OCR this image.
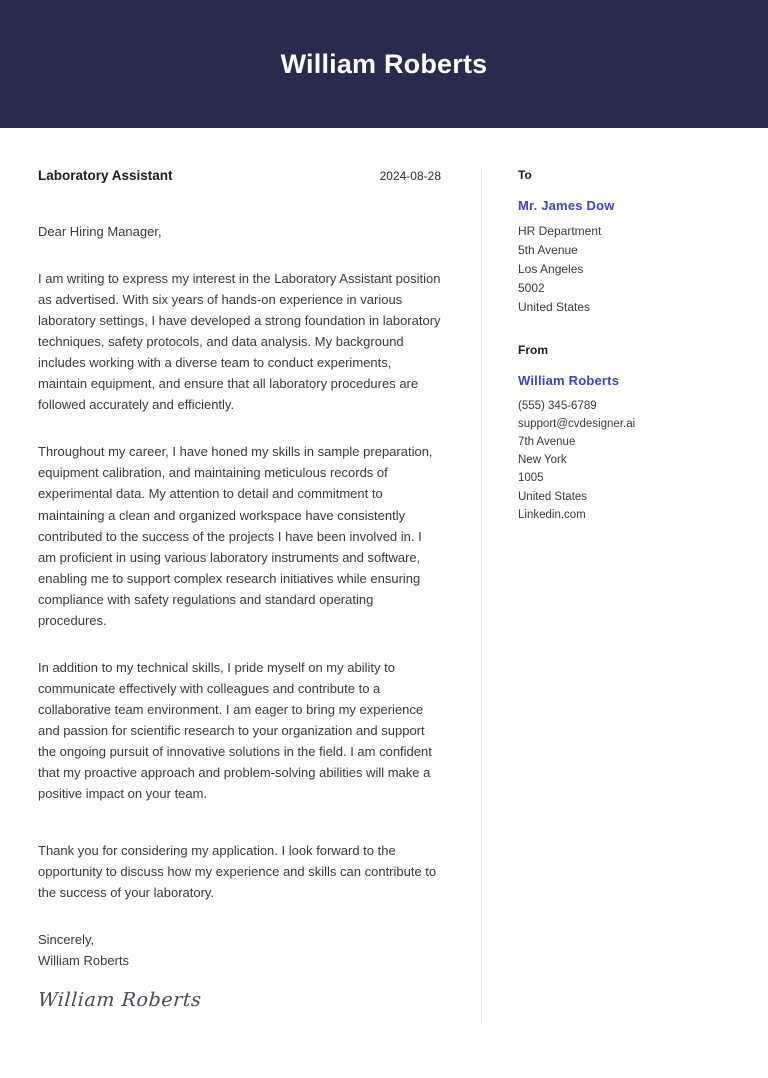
William Roberts
Laboratory Assistant	2024-08-28

Dear Hiring Manager,

I am writing to express my interest in the Laboratory Assistant position as advertised. With six years of hands-on experience in various laboratory settings, I have developed a strong foundation in laboratory techniques, safety protocols, and data analysis. My background includes working with a diverse team to conduct experiments, maintain equipment, and ensure that all laboratory procedures are followed accurately and efficiently.

Throughout my career, I have honed my skills in sample preparation, equipment calibration, and maintaining meticulous records of experimental data. My attention to detail and commitment to maintaining a clean and organized workspace have consistently contributed to the success of the projects I have been involved in. I am proficient in using various laboratory instruments and software, enabling me to support complex research initiatives while ensuring compliance with safety regulations and standard operating procedures.

In addition to my technical skills, I pride myself on my ability to communicate effectively with colleagues and contribute to a collaborative team environment. I am eager to bring my experience and passion for scientific research to your organization and support the ongoing pursuit of innovative solutions in the field. I am confident that my proactive approach and problem-solving abilities will make a positive impact on your team.

Thank you for considering my application. I look forward to the opportunity to discuss how my experience and skills can contribute to the success of your laboratory.

Sincerely,
William Roberts
William Roberts
To
Mr. James Dow
HR Department
5th Avenue
Los Angeles
5002
United States
From
William Roberts
(555) 345-6789
support@cvdesigner.ai
7th Avenue
New York
1005
United States
Linkedin.com
